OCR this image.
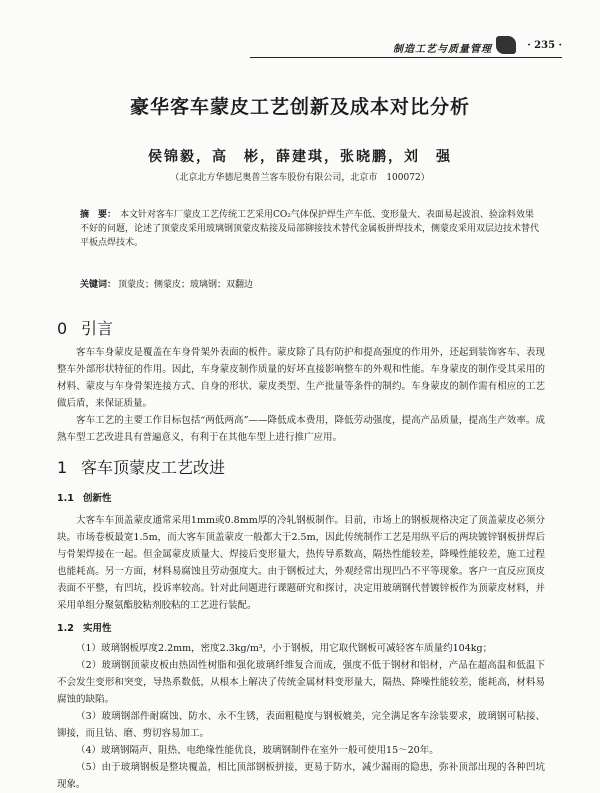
制造工艺与质量管理	· 235 ·
豪华客车蒙皮工艺创新及成本对比分析
侯锦毅，高　彬，薛建琪，张晓鹏，刘　强
（北京北方华德尼奥普兰客车股份有限公司，北京市　100072）
摘　要： 本文针对客车厂蒙皮工艺传统工艺采用CO₂气体保护焊生产车低、变形量大、表面易起波浪、验涂料效果不好的问题，论述了顶蒙皮采用玻璃钢顶蒙皮粘接及局部铆接技术替代金属板拼焊技术，侧蒙皮采用双层边技术替代平板点焊技术。
关键词： 顶蒙皮；侧蒙皮；玻璃钢；双翻边
0 引言
客车车身蒙皮是覆盖在车身骨架外表面的板件。蒙皮除了具有防护和提高强度的作用外，还起到装饰客车、表现整车外部形状特征的作用。因此，车身蒙皮制作质量的好坏直接影响整车的外观和性能。车身蒙皮的制作受其采用的材料、蒙皮与车身骨架连接方式、自身的形状、蒙皮类型、生产批量等条件的制约。车身蒙皮的制作需有相应的工艺做后盾，来保证质量。
客车工艺的主要工作目标包括“两低两高”——降低成本费用，降低劳动强度，提高产品质量，提高生产效率。成熟车型工艺改进具有普遍意义，有利于在其他车型上进行推广应用。
1 客车顶蒙皮工艺改进
1.1 创新性
大客车车顶盖蒙皮通常采用1mm或0.8mm厚的冷轧钢板制作。目前，市场上的钢板规格决定了顶盖蒙皮必须分块。市场卷板最宽1.5m，而大客车顶盖蒙皮一般都大于2.5m，因此传统制作工艺是用纵平后的两块镀锌钢板拼焊后与骨架焊接在一起。但金属蒙皮质量大、焊接后变形量大，热传导系数高，隔热性能较差，降噪性能较差，施工过程也能耗高。另一方面，材料易腐蚀且劳动强度大。由于钢板过大，外观经常出现凹凸不平等现象。客户一直反应顶皮表面不平整，有凹坑，投诉率较高。针对此问题进行课题研究和探讨，决定用玻璃钢代替镀锌板作为顶蒙皮材料，并采用单组分聚氨酯胶粘剂胶粘的工艺进行装配。
1.2 实用性
（1）玻璃钢板厚度2.2mm，密度2.3kg/m³，小于钢板，用它取代钢板可减轻客车质量约104kg；
（2）玻璃钢顶蒙皮板由热固性树脂和强化玻璃纤维复合而成，强度不低于钢材和铝材，产品在超高温和低温下不会发生变形和突变，导热系数低，从根本上解决了传统金属材料变形量大，隔热、降噪性能较差，能耗高，材料易腐蚀的缺陷。
（3）玻璃钢部件耐腐蚀、防水、永不生锈，表面粗糙度与钢板媲美，完全满足客车涂装要求，玻璃钢可粘接、铆接，而且钻、磨、剪切容易加工。
（4）玻璃钢隔声、阻热、电绝缘性能优良，玻璃钢制件在室外一般可使用15～20年。
（5）由于玻璃钢板是整块覆盖，相比顶部钢板拼接，更易于防水，减少漏雨的隐患，弥补顶部出现的各种凹坑现象。
